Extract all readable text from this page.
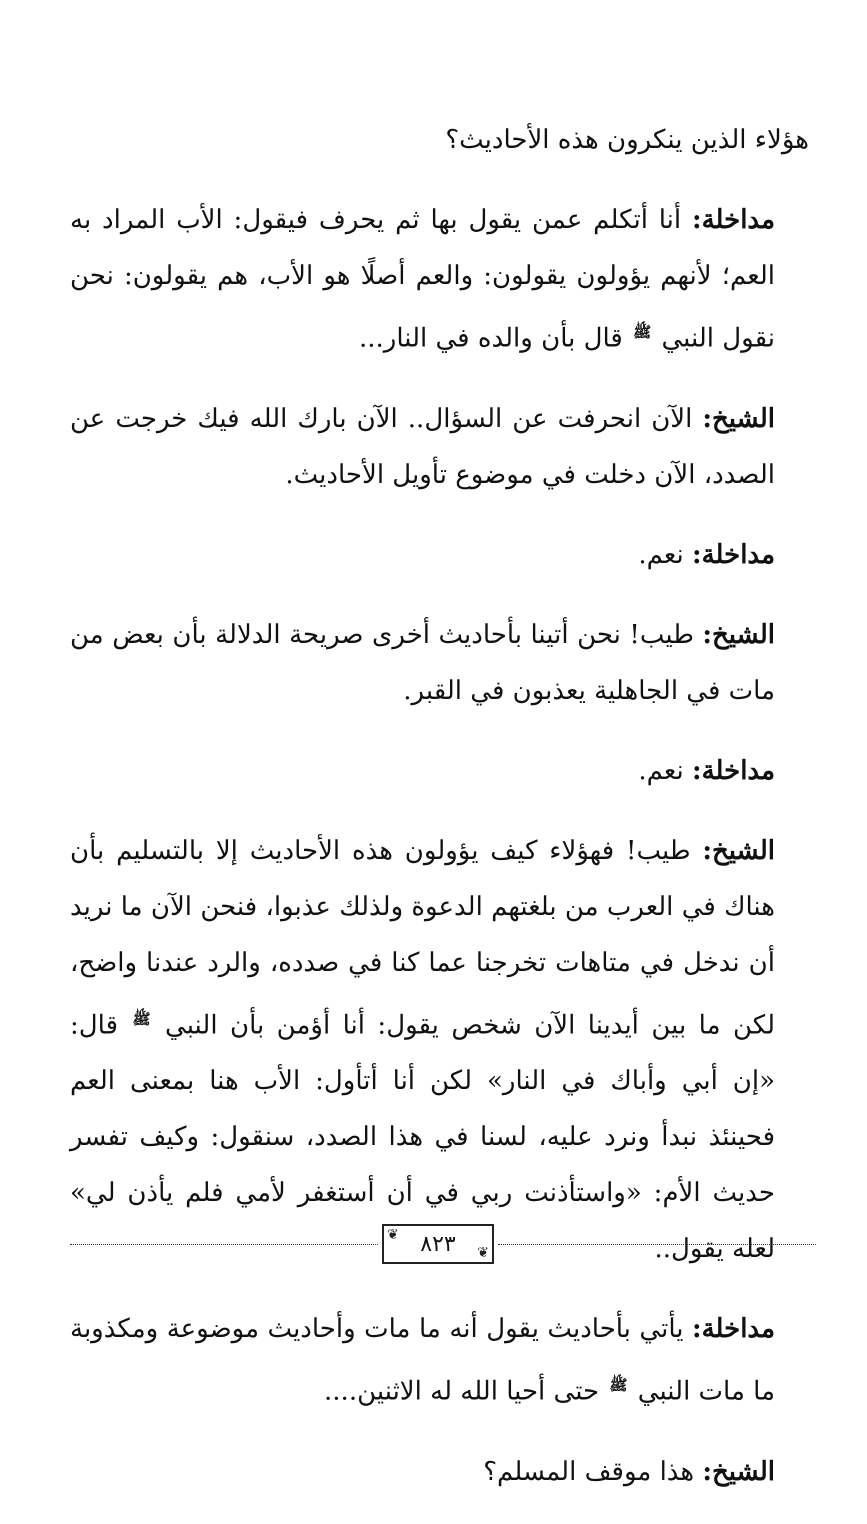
هؤلاء الذين ينكرون هذه الأحاديث؟

مداخلة: أنا أتكلم عمن يقول بها ثم يحرف فيقول: الأب المراد به العم؛ لأنهم يؤولون يقولون: والعم أصلًا هو الأب، هم يقولون: نحن نقول النبي $^ﷺ$ قال بأن والده في النار...

الشيخ: الآن انحرفت عن السؤال.. الآن بارك الله فيك خرجت عن الصدد، الآن دخلت في موضوع تأويل الأحاديث.

مداخلة: نعم.

الشيخ: طيب! نحن أتينا بأحاديث أخرى صريحة الدلالة بأن بعض من مات في الجاهلية يعذبون في القبر.

مداخلة: نعم.

الشيخ: طيب! فهؤلاء كيف يؤولون هذه الأحاديث إلا بالتسليم بأن هناك في العرب من بلغتهم الدعوة ولذلك عذبوا، فنحن الآن ما نريد أن ندخل في متاهات تخرجنا عما كنا في صدده، والرد عندنا واضح، لكن ما بين أيدينا الآن شخص يقول: أنا أؤمن بأن النبي $^ﷺ$ قال: «إن أبي وأباك في النار» لكن أنا أتأول: الأب هنا بمعنى العم فحينئذ نبدأ ونرد عليه، لسنا في هذا الصدد، سنقول: وكيف تفسر حديث الأم: «واستأذنت ربي في أن أستغفر لأمي فلم يأذن لي» لعله يقول..

مداخلة: يأتي بأحاديث يقول أنه ما مات وأحاديث موضوعة ومكذوبة ما مات النبي $^ﷺ$ حتى أحيا الله له الاثنين....

الشيخ: هذا موقف المسلم؟

❦ ٨٢٣ ❦
